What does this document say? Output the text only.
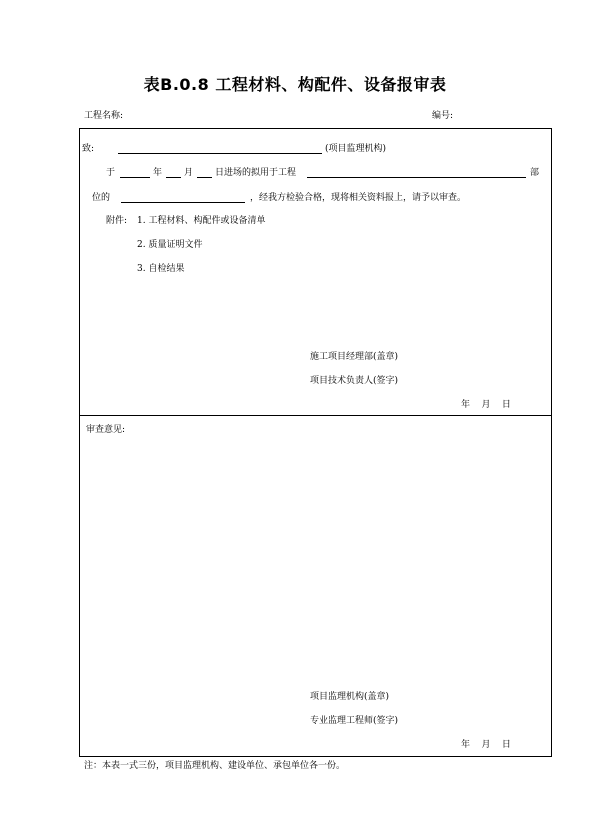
表B.0.8 工程材料、构配件、设备报审表
工程名称:	编号:
致:	(项目监理机构)
于	年 月 日进场的拟用于工程	部
位的	，经我方检验合格，现将相关资料报上，请予以审查。
附件: 1. 工程材料、构配件或设备清单
2. 质量证明文件
3. 自检结果
施工项目经理部(盖章)
项目技术负责人(签字)
年    月    日
审查意见:
项目监理机构(盖章)
专业监理工程师(签字)
年    月    日
注：本表一式三份，项目监理机构、建设单位、承包单位各一份。
